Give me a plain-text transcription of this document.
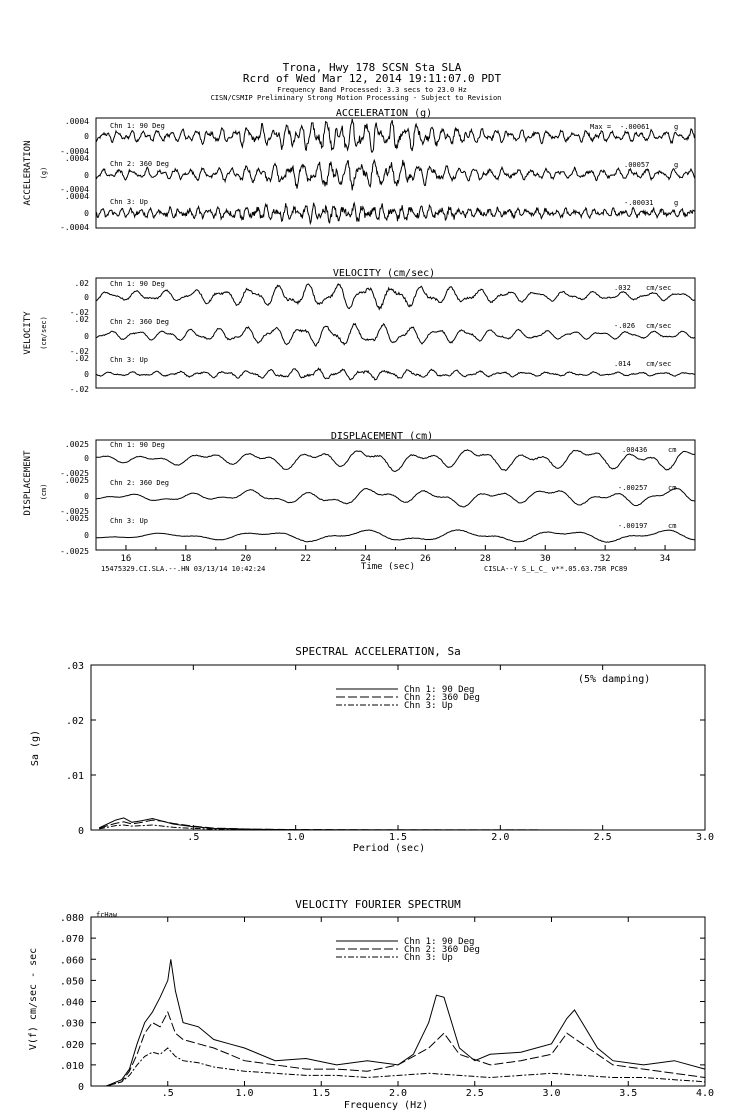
Trona, Hwy 178 SCSN Sta SLA
Rcrd of Wed Mar 12, 2014 19:11:07.0 PDT
Frequency Band Processed: 3.3 secs to 23.0 Hz
CISN/CSMIP Preliminary Strong Motion Processing - Subject to Revision
ACCELERATION (g)
ACCELERATION (g)
.0004
0
-.0004
.0004
0
-.0004
.0004
0
-.0004
Chn 1: 90 Deg
Chn 2: 360 Deg
Chn 3: Up
Max = -.00061	g
.00057	g
-.00031	g
VELOCITY (cm/sec)
VELOCITY (cm/sec)
.02
0
-.02
.02
0
-.02
.02
0
-.02
Chn 1: 90 Deg
Chn 2: 360 Deg
Chn 3: Up
.032 cm/sec
-.026 cm/sec
.014 cm/sec
DISPLACEMENT (cm)
DISPLACEMENT (cm)
.0025
0
-.0025
.0025
0
-.0025
.0025
0
-.0025
Chn 1: 90 Deg
Chn 2: 360 Deg
Chn 3: Up
.00436	cm
-.00257	cm
-.00197	cm
16	18	20	22	24	26	28	30	32	34
Time (sec)
15475329.CI.SLA.--.HN 03/13/14 10:42:24	CISLA--Y S_L_C_ v**.05.63.75R PC89
SPECTRAL ACCELERATION, Sa
Sa (g)
Period (sec)
(5% damping)
.5	1.0	1.5	2.0	2.5	3.0
.03
.02
.01
0
Chn 1: 90 Deg
Chn 2: 360 Deg
Chn 3: Up
VELOCITY FOURIER SPECTRUM
fcHaw
V(f) cm/sec - sec
Frequency (Hz)
.5	1.0	1.5	2.0	2.5	3.0	3.5	4.0
.080
.070
.060
.050
.040
.030
.020
.010
0
Chn 1: 90 Deg
Chn 2: 360 Deg
Chn 3: Up
